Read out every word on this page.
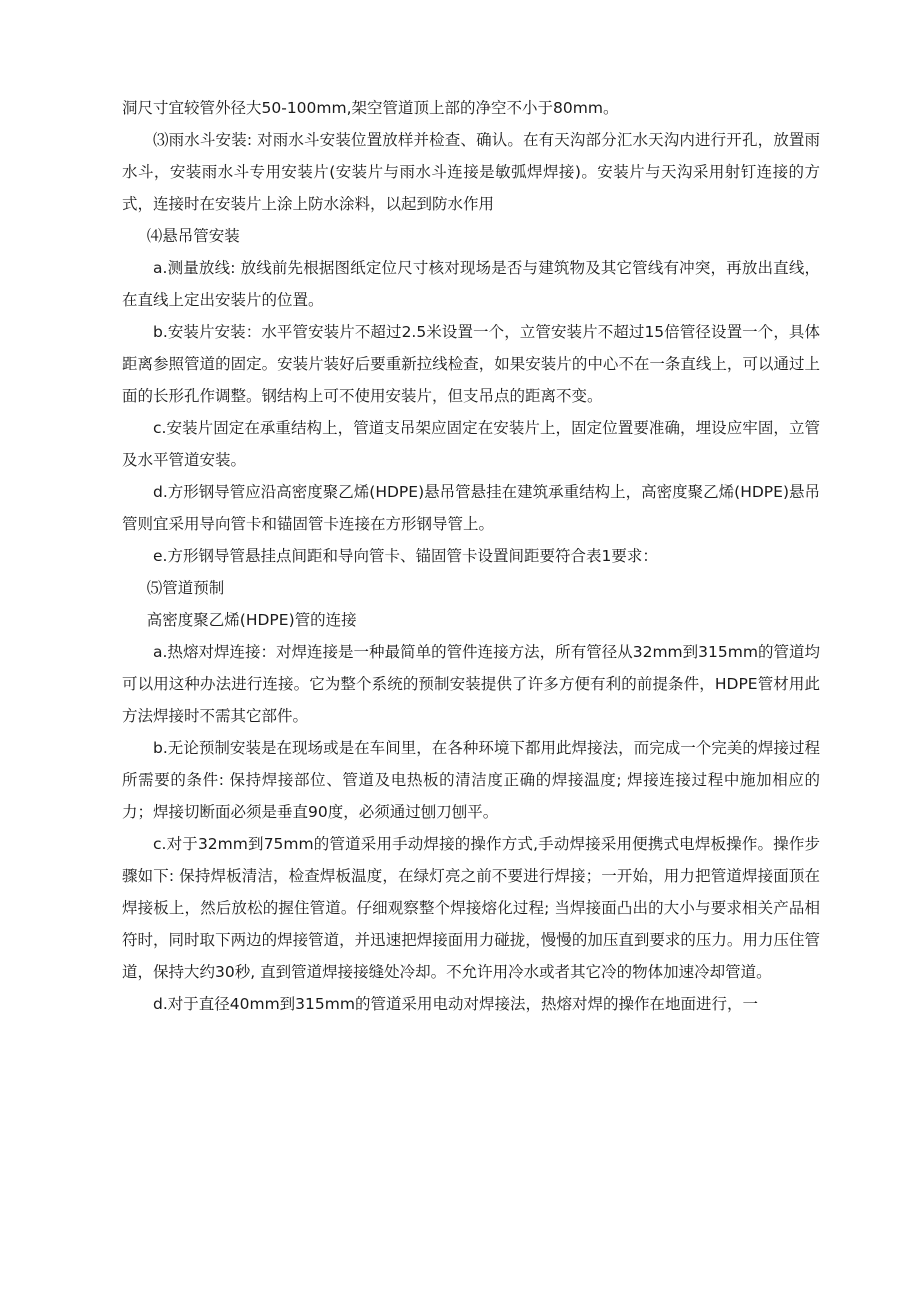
洞尺寸宜较管外径大50-100mm,架空管道顶上部的净空不小于80mm。

⑶雨水斗安装: 对雨水斗安装位置放样并检查、确认。在有天沟部分汇水天沟内进行开孔，放置雨水斗，安装雨水斗专用安装片(安装片与雨水斗连接是敏弧焊焊接)。安装片与天沟采用射钉连接的方式，连接时在安装片上涂上防水涂料，以起到防水作用

⑷悬吊管安装

a.测量放线: 放线前先根据图纸定位尺寸核对现场是否与建筑物及其它管线有冲突，再放出直线，在直线上定出安装片的位置。

b.安装片安装：水平管安装片不超过2.5米设置一个，立管安装片不超过15倍管径设置一个，具体距离参照管道的固定。安装片装好后要重新拉线检查，如果安装片的中心不在一条直线上，可以通过上面的长形孔作调整。钢结构上可不使用安装片，但支吊点的距离不变。

c.安装片固定在承重结构上，管道支吊架应固定在安装片上，固定位置要准确，埋设应牢固，立管及水平管道安装。

d.方形钢导管应沿高密度聚乙烯(HDPE)悬吊管悬挂在建筑承重结构上，高密度聚乙烯(HDPE)悬吊管则宜采用导向管卡和锚固管卡连接在方形钢导管上。

e.方形钢导管悬挂点间距和导向管卡、锚固管卡设置间距要符合表1要求：

⑸管道预制

高密度聚乙烯(HDPE)管的连接

a.热熔对焊连接：对焊连接是一种最简单的管件连接方法，所有管径从32mm到315mm的管道均可以用这种办法进行连接。它为整个系统的预制安装提供了许多方便有利的前提条件，HDPE管材用此方法焊接时不需其它部件。

b.无论预制安装是在现场或是在车间里，在各种环境下都用此焊接法，而完成一个完美的焊接过程所需要的条件: 保持焊接部位、管道及电热板的清洁度正确的焊接温度; 焊接连接过程中施加相应的力；焊接切断面必须是垂直90度，必须通过刨刀刨平。

c.对于32mm到75mm的管道采用手动焊接的操作方式,手动焊接采用便携式电焊板操作。操作步骤如下: 保持焊板清洁，检查焊板温度，在绿灯亮之前不要进行焊接；一开始，用力把管道焊接面顶在焊接板上，然后放松的握住管道。仔细观察整个焊接熔化过程; 当焊接面凸出的大小与要求相关产品相符时，同时取下两边的焊接管道，并迅速把焊接面用力碰拢，慢慢的加压直到要求的压力。用力压住管道，保持大约30秒, 直到管道焊接接缝处冷却。不允许用冷水或者其它冷的物体加速冷却管道。

d.对于直径40mm到315mm的管道采用电动对焊接法，热熔对焊的操作在地面进行，一
